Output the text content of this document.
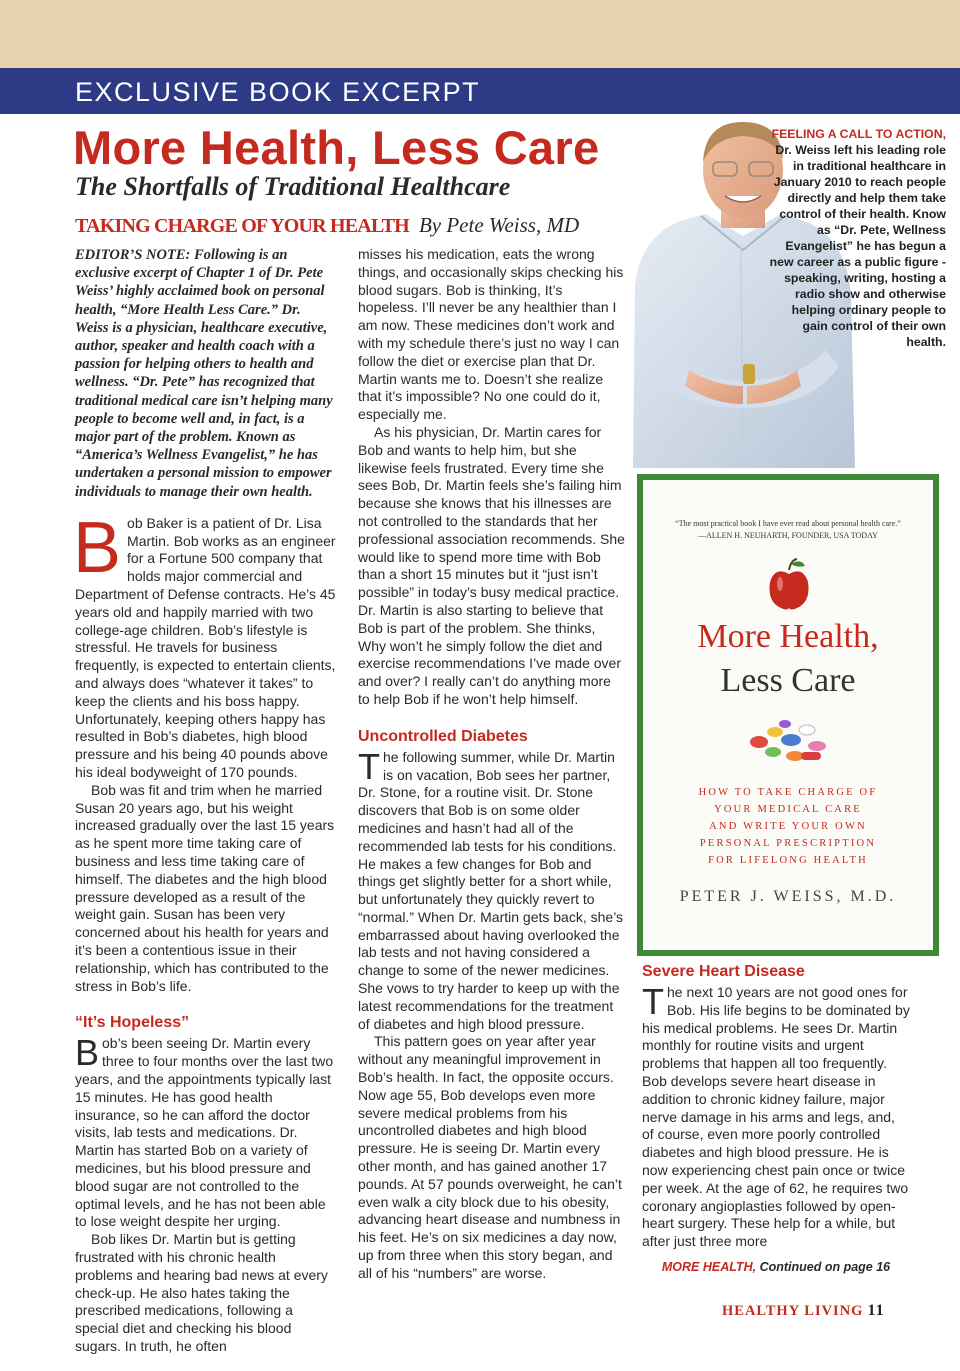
EXCLUSIVE BOOK EXCERPT
More Health, Less Care
The Shortfalls of Traditional Healthcare
TAKING CHARGE OF YOUR HEALTH By Pete Weiss, MD

EDITOR’S NOTE: Following is an exclusive excerpt of Chapter 1 of Dr. Pete Weiss’ highly acclaimed book on personal health, “More Health Less Care.” Dr. Weiss is a physician, healthcare executive, author, speaker and health coach with a passion for helping others to health and wellness. “Dr. Pete” has recognized that traditional medical care isn’t helping many people to become well and, in fact, is a major part of the problem. Known as “America’s Wellness Evangelist,” he has undertaken a personal mission to empower individuals to manage their own health.

Bob Baker is a patient of Dr. Lisa Martin. Bob works as an engineer for a Fortune 500 company that holds major commercial and Department of Defense contracts. He’s 45 years old and happily married with two college-age children. Bob’s lifestyle is stressful. He travels for business frequently, is expected to entertain clients, and always does “whatever it takes” to keep the clients and his boss happy. Unfortunately, keeping others happy has resulted in Bob’s diabetes, high blood pressure and his being 40 pounds above his ideal bodyweight of 170 pounds.

Bob was fit and trim when he married Susan 20 years ago, but his weight increased gradually over the last 15 years as he spent more time taking care of business and less time taking care of himself. The diabetes and the high blood pressure developed as a result of the weight gain. Susan has been very concerned about his health for years and it’s been a contentious issue in their relationship, which has contributed to the stress in Bob’s life.

“It’s Hopeless”

Bob’s been seeing Dr. Martin every three to four months over the last two years, and the appointments typically last 15 minutes. He has good health insurance, so he can afford the doctor visits, lab tests and medications. Dr. Martin has started Bob on a variety of medicines, but his blood pressure and blood sugar are not controlled to the optimal levels, and he has not been able to lose weight despite her urging.

Bob likes Dr. Martin but is getting frustrated with his chronic health problems and hearing bad news at every check-up. He also hates taking the prescribed medications, following a special diet and checking his blood sugars. In truth, he often

misses his medication, eats the wrong things, and occasionally skips checking his blood sugars. Bob is thinking, It’s hopeless. I’ll never be any healthier than I am now. These medicines don’t work and with my schedule there’s just no way I can follow the diet or exercise plan that Dr. Martin wants me to. Doesn’t she realize that it’s impossible? No one could do it, especially me.

As his physician, Dr. Martin cares for Bob and wants to help him, but she likewise feels frustrated. Every time she sees Bob, Dr. Martin feels she’s failing him because she knows that his illnesses are not controlled to the standards that her professional association recommends. She would like to spend more time with Bob than a short 15 minutes but it “just isn’t possible” in today’s busy medical practice. Dr. Martin is also starting to believe that Bob is part of the problem. She thinks, Why won’t he simply follow the diet and exercise recommendations I’ve made over and over? I really can’t do anything more to help Bob if he won’t help himself.

Uncontrolled Diabetes

The following summer, while Dr. Martin is on vacation, Bob sees her partner, Dr. Stone, for a routine visit. Dr. Stone discovers that Bob is on some older medicines and hasn’t had all of the recommended lab tests for his conditions. He makes a few changes for Bob and things get slightly better for a short while, but unfortunately they quickly revert to “normal.” When Dr. Martin gets back, she’s embarrassed about having overlooked the lab tests and not having considered a change to some of the newer medicines. She vows to try harder to keep up with the latest recommendations for the treatment of diabetes and high blood pressure.

This pattern goes on year after year without any meaningful improvement in Bob’s health. In fact, the opposite occurs. Now age 55, Bob develops even more severe medical problems from his uncontrolled diabetes and high blood pressure. He is seeing Dr. Martin every other month, and has gained another 17 pounds. At 57 pounds overweight, he can’t even walk a city block due to his obesity, advancing heart disease and numbness in his feet. He’s on six medicines a day now, up from three when this story began, and all of his “numbers” are worse.

FEELING A CALL TO ACTION, Dr. Weiss left his leading role in traditional healthcare in January 2010 to reach people directly and help them take control of their health. Know as “Dr. Pete, Wellness Evangelist” he has begun a new career as a public figure - speaking, writing, hosting a radio show and otherwise helping ordinary people to gain control of their own health.
“The most practical book I have ever read about personal health care.”
—ALLEN H. NEUHARTH, FOUNDER, USA TODAY
More Health,
Less Care
HOW TO TAKE CHARGE OF
YOUR MEDICAL CARE
AND WRITE YOUR OWN
PERSONAL PRESCRIPTION
FOR LIFELONG HEALTH
PETER J. WEISS, M.D.
Severe Heart Disease

The next 10 years are not good ones for Bob. His life begins to be dominated by his medical problems. He sees Dr. Martin monthly for routine visits and urgent problems that happen all too frequently. Bob develops severe heart disease in addition to chronic kidney failure, major nerve damage in his arms and legs, and, of course, even more poorly controlled diabetes and high blood pressure. He is now experiencing chest pain once or twice per week. At the age of 62, he requires two coronary angioplasties followed by open-heart surgery. These help for a while, but after just three more

MORE HEALTH, Continued on page 16
HEALTHY LIVING 11
